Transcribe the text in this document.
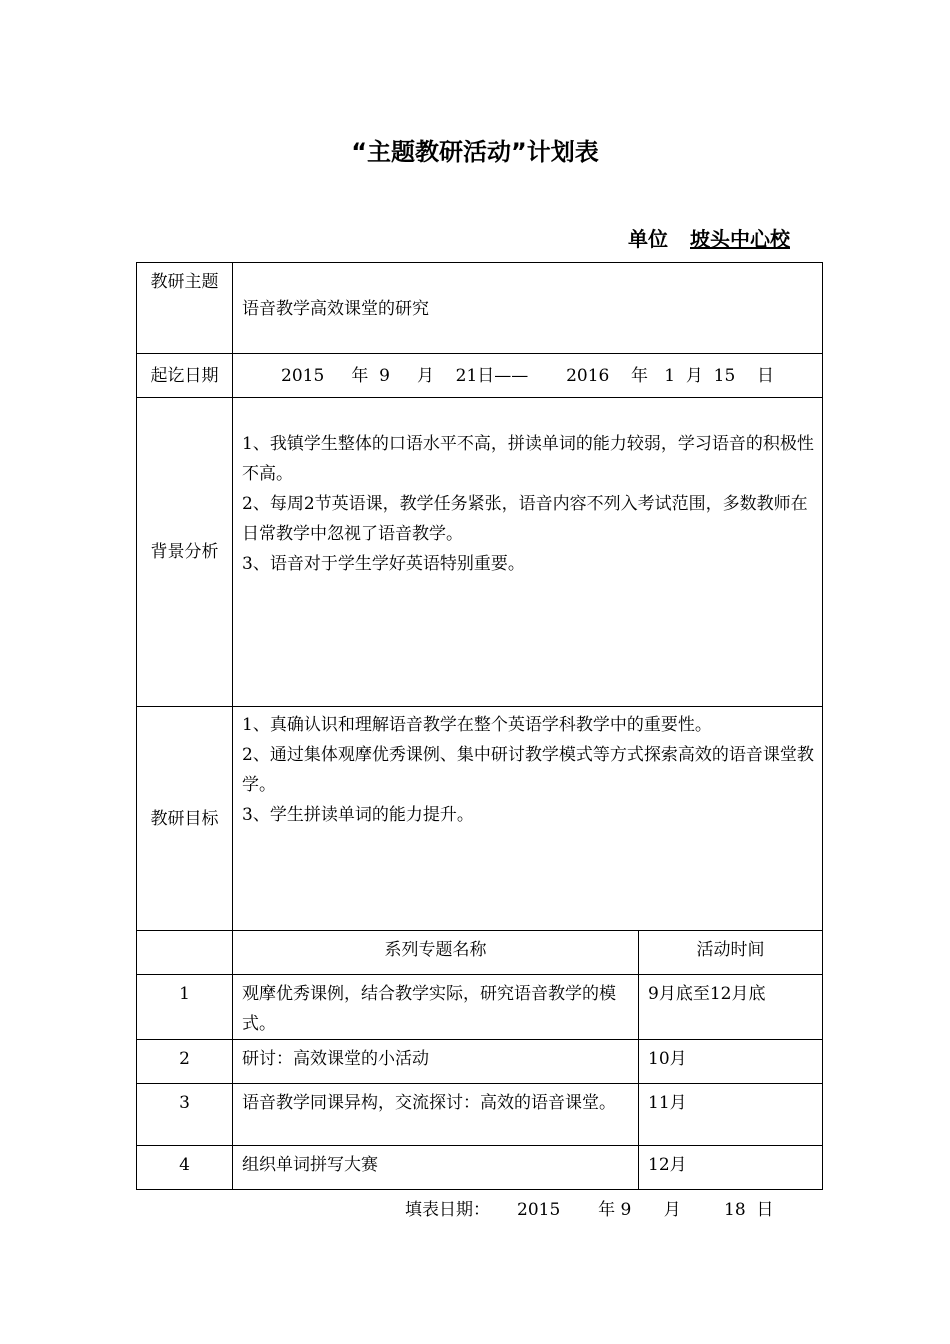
“主题教研活动”计划表
单位 坡头中心校
教研主题	语音教学高效课堂的研究	
起讫日期	2015 年 9 月 21日—— 2016 年 1 月 15 日	
背景分析	1、我镇学生整体的口语水平不高，拼读单词的能力较弱，学习语音的积极性不高。

2、每周2节英语课，教学任务紧张，语音内容不列入考试范围，多数教师在日常教学中忽视了语音教学。

3、语音对于学生学好英语特别重要。	

教研目标	1、真确认识和理解语音教学在整个英语学科教学中的重要性。

2、通过集体观摩优秀课例、集中研讨教学模式等方式探索高效的语音课堂教学。

3、学生拼读单词的能力提升。	

	系列专题名称	活动时间
1	观摩优秀课例，结合教学实际，研究语音教学的模式。	9月底至12月底
2	研讨：高效课堂的小活动	10月
3	语音教学同课异构，交流探讨：高效的语音课堂。	11月
4	组织单词拼写大赛	12月
填表日期： 2015 年 9 月	18 日
